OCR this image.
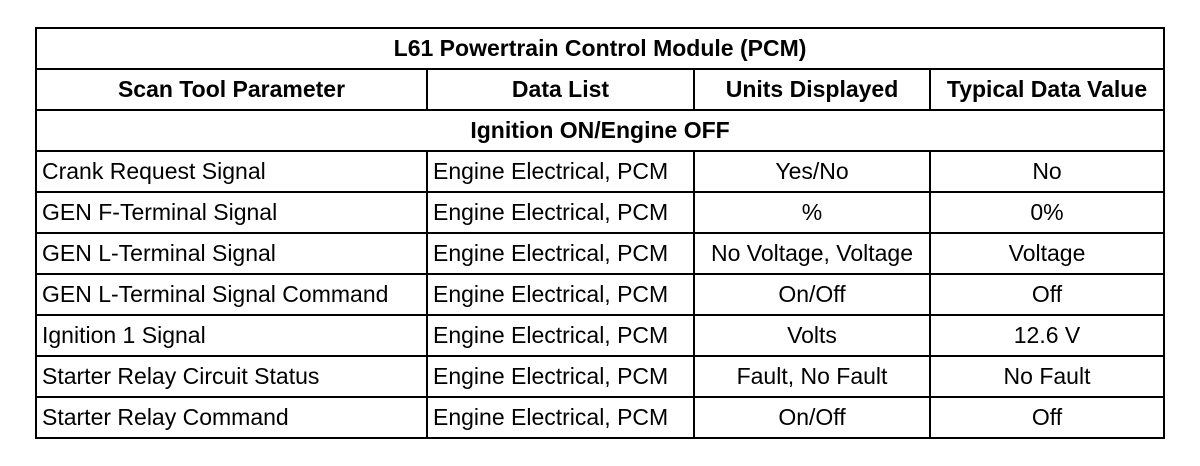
L61 Powertrain Control Module (PCM)			
Scan Tool Parameter	Data List	Units Displayed	Typical Data Value
Ignition ON/Engine OFF			
Crank Request Signal	Engine Electrical, PCM	Yes/No	No
GEN F-Terminal Signal	Engine Electrical, PCM	%	0%
GEN L-Terminal Signal	Engine Electrical, PCM	No Voltage, Voltage	Voltage
GEN L-Terminal Signal Command	Engine Electrical, PCM	On/Off	Off
Ignition 1 Signal	Engine Electrical, PCM	Volts	12.6 V
Starter Relay Circuit Status	Engine Electrical, PCM	Fault, No Fault	No Fault
Starter Relay Command	Engine Electrical, PCM	On/Off	Off
